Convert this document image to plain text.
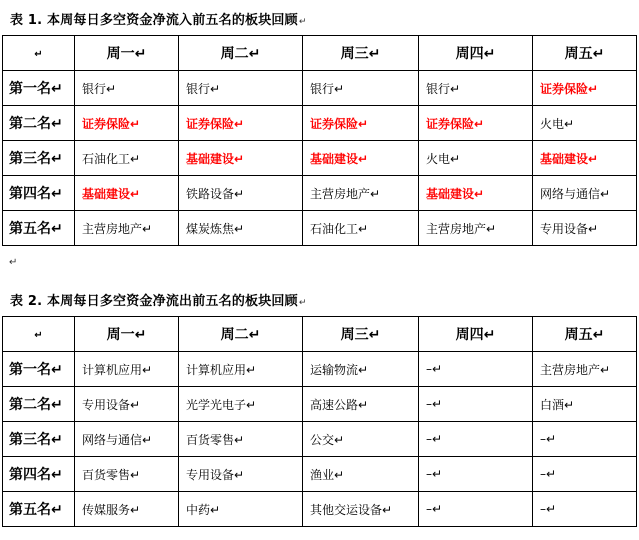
表 1. 本周每日多空资金净流入前五名的板块回顾↵
↵	周一↵	周二↵	周三↵	周四↵	周五↵
第一名↵	银行↵	银行↵	银行↵	银行↵	证券保险↵
第二名↵	证券保险↵	证券保险↵	证券保险↵	证券保险↵	火电↵
第三名↵	石油化工↵	基础建设↵	基础建设↵	火电↵	基础建设↵
第四名↵	基础建设↵	铁路设备↵	主营房地产↵	基础建设↵	网络与通信↵
第五名↵	主营房地产↵	煤炭炼焦↵	石油化工↵	主营房地产↵	专用设备↵
↵
表 2. 本周每日多空资金净流出前五名的板块回顾↵
↵	周一↵	周二↵	周三↵	周四↵	周五↵
第一名↵	计算机应用↵	计算机应用↵	运输物流↵	–↵	主营房地产↵
第二名↵	专用设备↵	光学光电子↵	高速公路↵	–↵	白酒↵
第三名↵	网络与通信↵	百货零售↵	公交↵	–↵	–↵
第四名↵	百货零售↵	专用设备↵	渔业↵	–↵	–↵
第五名↵	传媒服务↵	中药↵	其他交运设备↵	–↵	–↵
